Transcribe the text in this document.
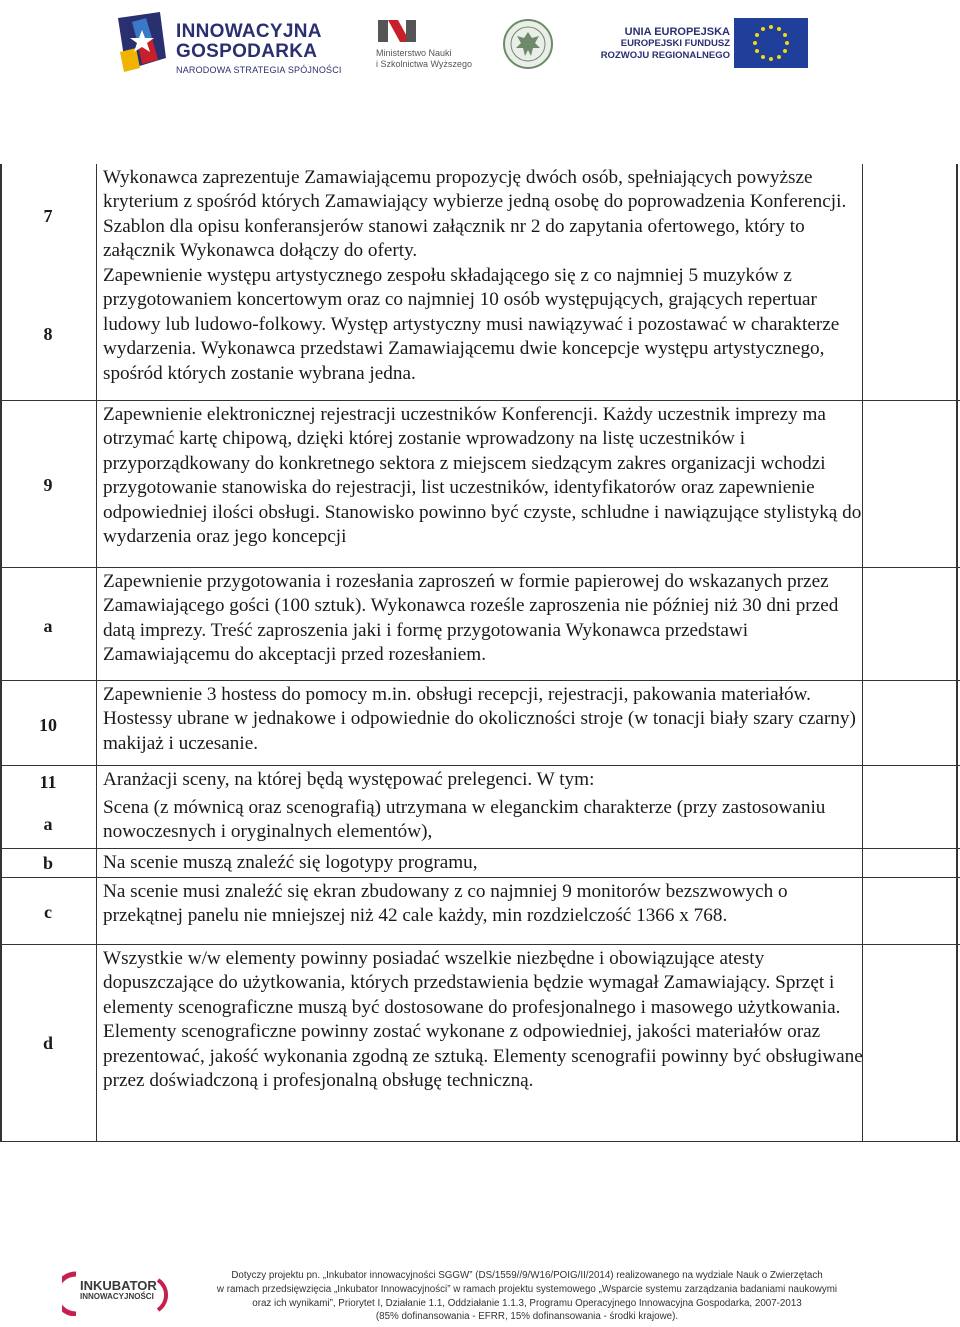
INNOWACYJNA
GOSPODARKA
NARODOWA STRATEGIA SPÓJNOŚCI
Ministerstwo Nauki
i Szkolnictwa Wyższego
UNIA EUROPEJSKA
EUROPEJSKI FUNDUSZ
ROZWOJU REGIONALNEGO
7
Wykonawca zaprezentuje Zamawiającemu propozycję dwóch osób, spełniających powyższe kryterium z spośród których Zamawiający wybierze jedną osobę do poprowadzenia Konferencji. Szablon dla opisu konferansjerów stanowi załącznik nr 2 do zapytania ofertowego, który to załącznik Wykonawca dołączy do oferty.
8
Zapewnienie występu artystycznego zespołu składającego się z co najmniej 5 muzyków z przygotowaniem koncertowym oraz co najmniej 10 osób występujących, grających repertuar ludowy lub ludowo-folkowy. Występ artystyczny musi nawiązywać i pozostawać w charakterze wydarzenia. Wykonawca przedstawi Zamawiającemu dwie koncepcje występu artystycznego, spośród których zostanie wybrana jedna.
9
Zapewnienie elektronicznej rejestracji uczestników Konferencji. Każdy uczestnik imprezy ma otrzymać kartę chipową, dzięki której zostanie wprowadzony na listę uczestników i przyporządkowany do konkretnego sektora z miejscem siedzącym zakres organizacji wchodzi przygotowanie stanowiska do rejestracji, list uczestników, identyfikatorów oraz zapewnienie odpowiedniej ilości obsługi. Stanowisko powinno być czyste, schludne i nawiązujące stylistyką do wydarzenia oraz jego koncepcji
a
Zapewnienie przygotowania i rozesłania zaproszeń w formie papierowej do wskazanych przez Zamawiającego gości (100 sztuk). Wykonawca roześle zaproszenia nie później niż 30 dni przed datą imprezy. Treść zaproszenia jaki i formę przygotowania Wykonawca przedstawi Zamawiającemu do akceptacji przed rozesłaniem.
10
Zapewnienie 3 hostess do pomocy m.in. obsługi recepcji, rejestracji, pakowania materiałów. Hostessy ubrane w jednakowe i odpowiednie do okoliczności stroje (w tonacji biały szary czarny) makijaż i uczesanie.
11	Aranżacji sceny, na której będą występować prelegenci. W tym:
a
Scena (z mównicą oraz scenografią) utrzymana w eleganckim charakterze (przy zastosowaniu nowoczesnych i oryginalnych elementów),
b	Na scenie muszą znaleźć się logotypy programu,
c
Na scenie musi znaleźć się ekran zbudowany z co najmniej 9 monitorów bezszwowych o przekątnej panelu nie mniejszej niż 42 cale każdy, min rozdzielczość 1366 x 768.
d
Wszystkie w/w elementy powinny posiadać wszelkie niezbędne i obowiązujące atesty dopuszczające do użytkowania, których przedstawienia będzie wymagał Zamawiający. Sprzęt i elementy scenograficzne muszą być dostosowane do profesjonalnego i masowego użytkowania. Elementy scenograficzne powinny zostać wykonane z odpowiedniej, jakości materiałów oraz prezentować, jakość wykonania zgodną ze sztuką. Elementy scenografii powinny być obsługiwane przez doświadczoną i profesjonalną obsługę techniczną.
INKUBATOR
INNOWACYJNOŚCI
Dotyczy projektu pn. „Inkubator innowacyjności SGGW” (DS/1559//9/W16/POIG/II/2014) realizowanego na wydziale Nauk o Zwierzętach
w ramach przedsięwzięcia „Inkubator Innowacyjności” w ramach projektu systemowego „Wsparcie systemu zarządzania badaniami naukowymi
oraz ich wynikami”, Priorytet I, Działanie 1.1, Oddziałanie 1.1.3, Programu Operacyjnego Innowacyjna Gospodarka, 2007-2013
(85% dofinansowania - EFRR, 15% dofinansowania - środki krajowe).
